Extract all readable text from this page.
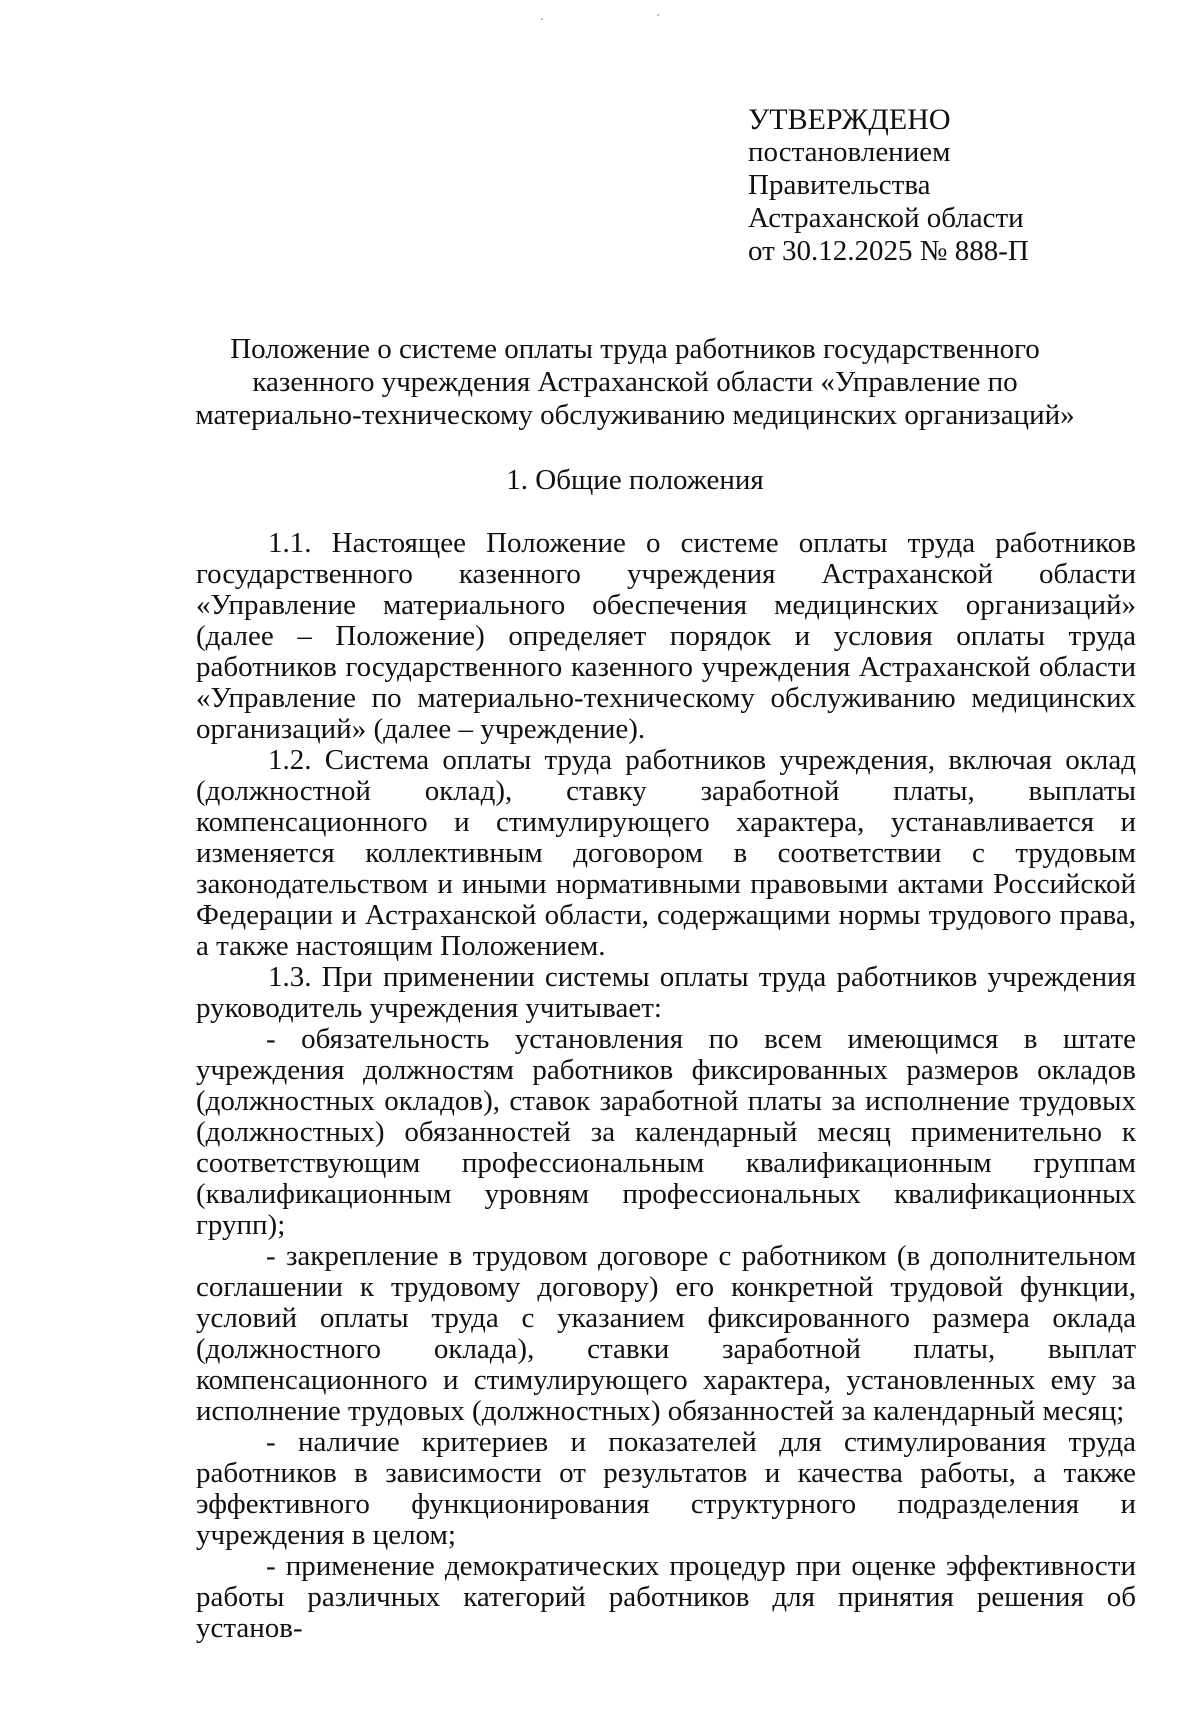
УТВЕРЖДЕНО
постановлением
Правительства
Астраханской области
от 30.12.2025 № 888-П
Положение о системе оплаты труда работников государственного казенного учреждения Астраханской области «Управление по материально-техническому обслуживанию медицинских организаций»
1. Общие положения

1.1. Настоящее Положение о системе оплаты труда работников государственного казенного учреждения Астраханской области «Управление материального обеспечения медицинских организаций» (далее – Положение) определяет порядок и условия оплаты труда работников государственного казенного учреждения Астраханской области «Управление по материально-техническому обслуживанию медицинских организаций» (далее – учреждение).

1.2. Система оплаты труда работников учреждения, включая оклад (должностной оклад), ставку заработной платы, выплаты компенсационного и стимулирующего характера, устанавливается и изменяется коллективным договором в соответствии с трудовым законодательством и иными нормативными правовыми актами Российской Федерации и Астраханской области, содержащими нормы трудового права, а также настоящим Положением.

1.3. При применении системы оплаты труда работников учреждения руководитель учреждения учитывает:

- обязательность установления по всем имеющимся в штате учреждения должностям работников фиксированных размеров окладов (должностных окладов), ставок заработной платы за исполнение трудовых (должностных) обязанностей за календарный месяц применительно к соответствующим профессиональным квалификационным группам (квалификационным уровням профессиональных квалификационных групп);

- закрепление в трудовом договоре с работником (в дополнительном соглашении к трудовому договору) его конкретной трудовой функции, условий оплаты труда с указанием фиксированного размера оклада (должностного оклада), ставки заработной платы, выплат компенсационного и стимулирующего характера, установленных ему за исполнение трудовых (должностных) обязанностей за календарный месяц;

- наличие критериев и показателей для стимулирования труда работников в зависимости от результатов и качества работы, а также эффективного функционирования структурного подразделения и учреждения в целом;

- применение демократических процедур при оценке эффективности работы различных категорий работников для принятия решения об установ-
